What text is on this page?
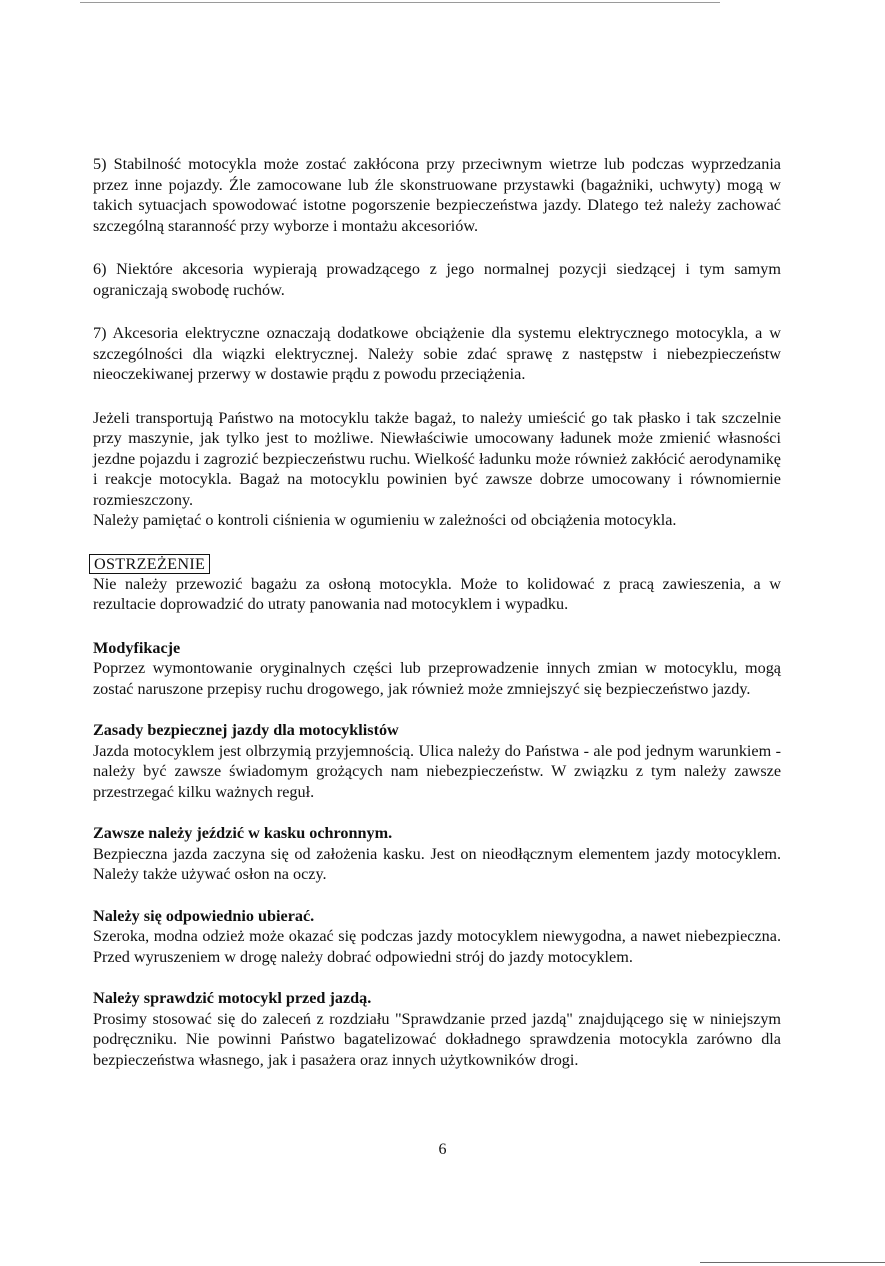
5) Stabilność motocykla może zostać zakłócona przy przeciwnym wietrze lub podczas wyprzedzania przez inne pojazdy. Źle zamocowane lub źle skonstruowane przystawki (bagażniki, uchwyty) mogą w takich sytuacjach spowodować istotne pogorszenie bezpieczeństwa jazdy. Dlatego też należy zachować szczególną staranność przy wyborze i montażu akcesoriów.

6) Niektóre akcesoria wypierają prowadzącego z jego normalnej pozycji siedzącej i tym samym ograniczają swobodę ruchów.

7) Akcesoria elektryczne oznaczają dodatkowe obciążenie dla systemu elektrycznego motocykla, a w szczególności dla wiązki elektrycznej. Należy sobie zdać sprawę z następstw i niebezpieczeństw nieoczekiwanej przerwy w dostawie prądu z powodu przeciążenia.

Jeżeli transportują Państwo na motocyklu także bagaż, to należy umieścić go tak płasko i tak szczelnie przy maszynie, jak tylko jest to możliwe. Niewłaściwie umocowany ładunek może zmienić własności jezdne pojazdu i zagrozić bezpieczeństwu ruchu. Wielkość ładunku może również zakłócić aerodynamikę i reakcje motocykla. Bagaż na motocyklu powinien być zawsze dobrze umocowany i równomiernie rozmieszczony.

Należy pamiętać o kontroli ciśnienia w ogumieniu w zależności od obciążenia motocykla.

OSTRZEŻENIE

Nie należy przewozić bagażu za osłoną motocykla. Może to kolidować z pracą zawieszenia, a w rezultacie doprowadzić do utraty panowania nad motocyklem i wypadku.

Modyfikacje

Poprzez wymontowanie oryginalnych części lub przeprowadzenie innych zmian w motocyklu, mogą zostać naruszone przepisy ruchu drogowego, jak również może zmniejszyć się bezpieczeństwo jazdy.

Zasady bezpiecznej jazdy dla motocyklistów

Jazda motocyklem jest olbrzymią przyjemnością. Ulica należy do Państwa - ale pod jednym warunkiem - należy być zawsze świadomym grożących nam niebezpieczeństw. W związku z tym należy zawsze przestrzegać kilku ważnych reguł.

Zawsze należy jeździć w kasku ochronnym.

Bezpieczna jazda zaczyna się od założenia kasku. Jest on nieodłącznym elementem jazdy motocyklem. Należy także używać osłon na oczy.

Należy się odpowiednio ubierać.

Szeroka, modna odzież może okazać się podczas jazdy motocyklem niewygodna, a nawet niebezpieczna. Przed wyruszeniem w drogę należy dobrać odpowiedni strój do jazdy motocyklem.

Należy sprawdzić motocykl przed jazdą.

Prosimy stosować się do zaleceń z rozdziału "Sprawdzanie przed jazdą" znajdującego się w niniejszym podręczniku. Nie powinni Państwo bagatelizować dokładnego sprawdzenia motocykla zarówno dla bezpieczeństwa własnego, jak i pasażera oraz innych użytkowników drogi.

6
